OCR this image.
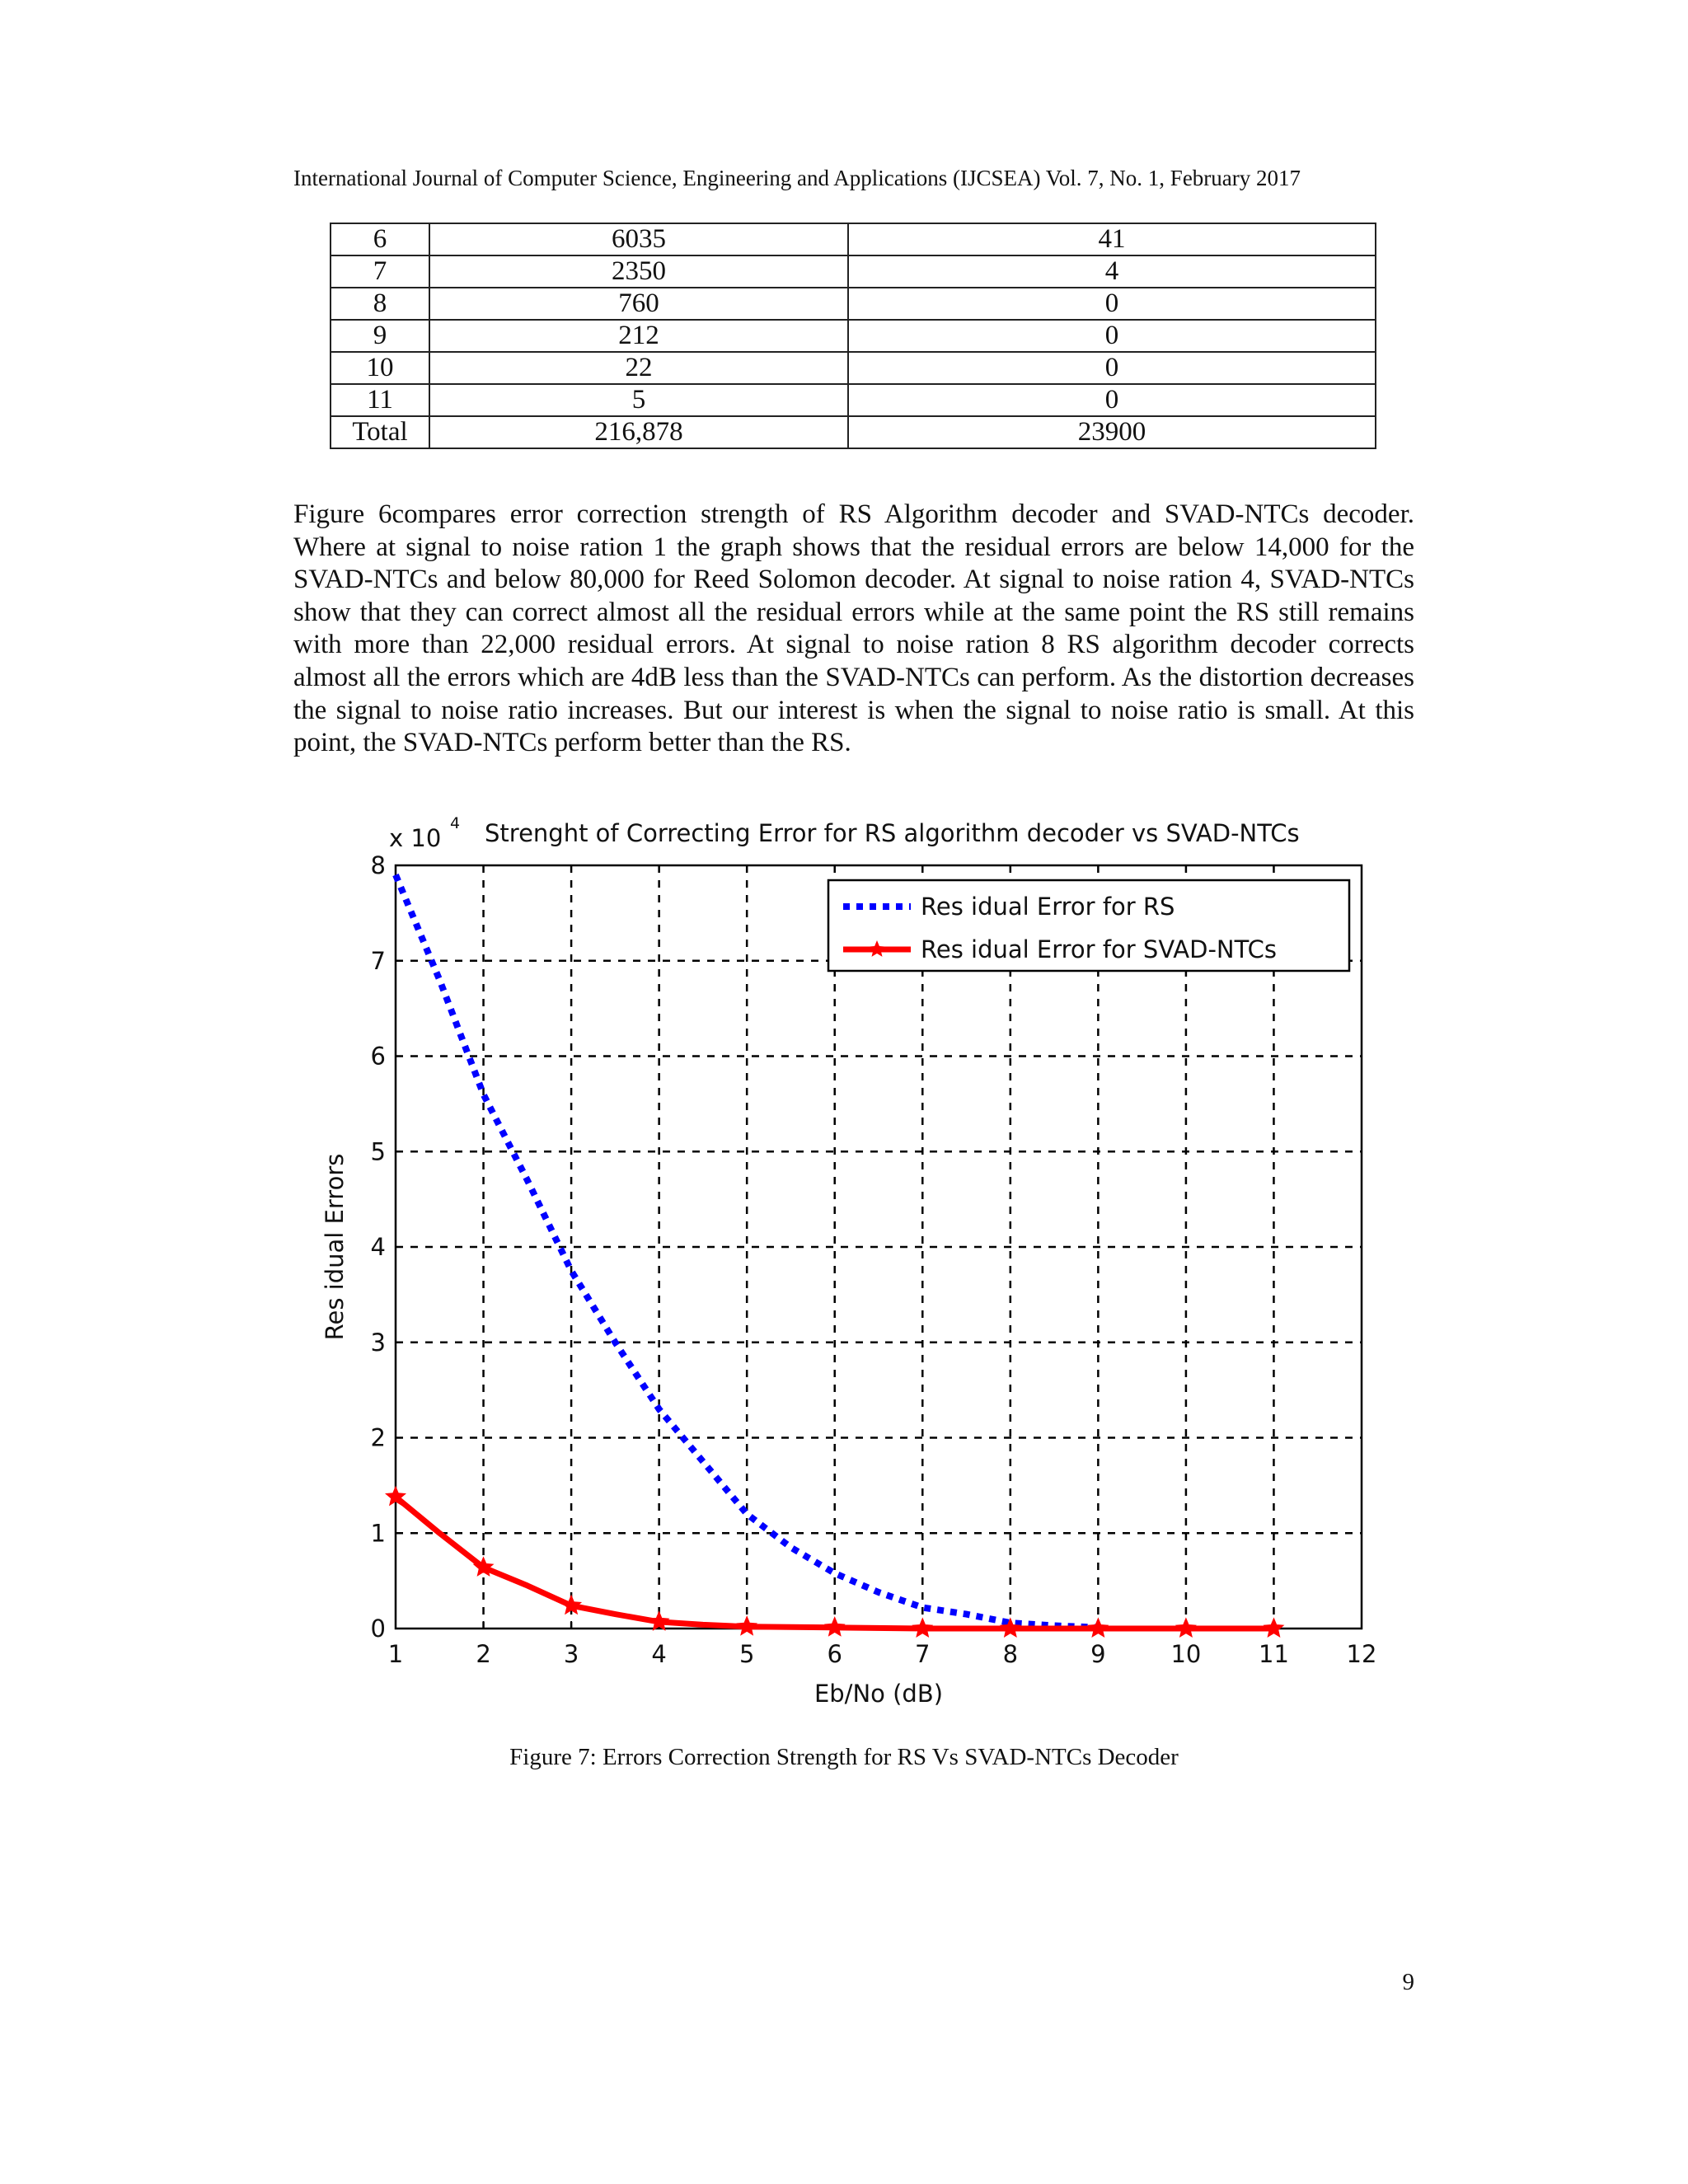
International Journal of Computer Science, Engineering and Applications (IJCSEA) Vol. 7, No. 1, February 2017
6	6035	41
7	2350	4
8	760	0
9	212	0
10	22	0
11	5	0
Total	216,878	23900

Figure 6compares error correction strength of RS Algorithm decoder and SVAD-NTCs decoder. Where at signal to noise ration 1 the graph shows that the residual errors are below 14,000 for the SVAD-NTCs and below 80,000 for Reed Solomon decoder. At signal to noise ration 4, SVAD-NTCs show that they can correct almost all the residual errors while at the same point the RS still remains with more than 22,000 residual errors. At signal to noise ration 8 RS algorithm decoder corrects almost all the errors which are 4dB less than the SVAD-NTCs can perform. As the distortion decreases the signal to noise ratio increases. But our interest is when the signal to noise ratio is small. At this point, the SVAD-NTCs perform better than the RS.

1	2	3	4	5	6	7	8	9	10 11 12
0
1
2
3
4
5
6
7
8
x 10
4 Strenght of Correcting Error for RS algorithm decoder vs SVAD-NTCs
Eb/No (dB)
Res idual Errors
Res idual Error for RS
Res idual Error for SVAD-NTCs
Figure 7: Errors Correction Strength for RS Vs SVAD-NTCs Decoder
9
